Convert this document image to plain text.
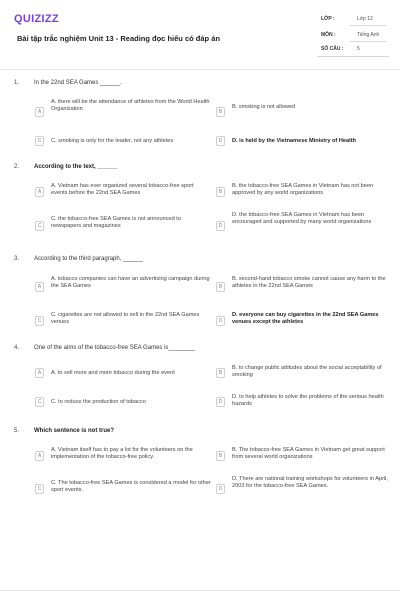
QUIZIZZ
Bài tập trắc nghiệm Unit 13 - Reading đọc hiểu có đáp án
LỚP :	Lớp 12
MÔN :	Tiếng Anh
SỐ CÂU :	5
1. In the 22nd SEA Games ______.
A
A. there will be the attendance of athletes from the World Health Organization	B
B. smoking is not allowed
C	C. smoking is only for the leader, not any athletes	D	D. is held by the Vietnamese Ministry of Health
2. According to the text, ______
A
A. Vietnam has ever organized several tobacco-free sport events before the 22nd SEA Games	B
B. the tobacco-free SEA Games in Vietnam has not been approved by any world organizations
C
C. the tobacco-free SEA Games is not announced to newspapers and magazines	D
D. the tobacco-free SEA Games in Vietnam has been encouraged and supported by many world organizations
3. According to the third paragraph, ______
A
A. tobacco companies can have an advertising campaign during the SEA Games	B
B. second-hand tobacco smoke cannot cause any harm to the athletes in the 22nd SEA Games
C
C. cigarettes are not allowed to sell in the 22nd SEA Games venues	D
D. everyone can buy cigarettes in the 22nd SEA Games venues except the athletes
4. One of the aims of the tobacco-free SEA Games is________
A	A. to sell more and more tobacco during the event	B
B. to change public attitudes about the social acceptability of smoking
C	C. to reduce the production of tobacco	D
D. to help athletes to solve the problems of the serious health hazards
5. Which sentence is not true?
A
A. Vietnam itself has to pay a lot for the volunteers on the implementation of the tobacco-free policy.	B
B. The tobacco-free SEA Games in Vietnam get great support from several world organizations
C
C. The tobacco-free SEA Games is considered a model for other sport events.	D
D. There are national training workshops for volunteers in April, 2003 for the tobacco-free SEA Games.
